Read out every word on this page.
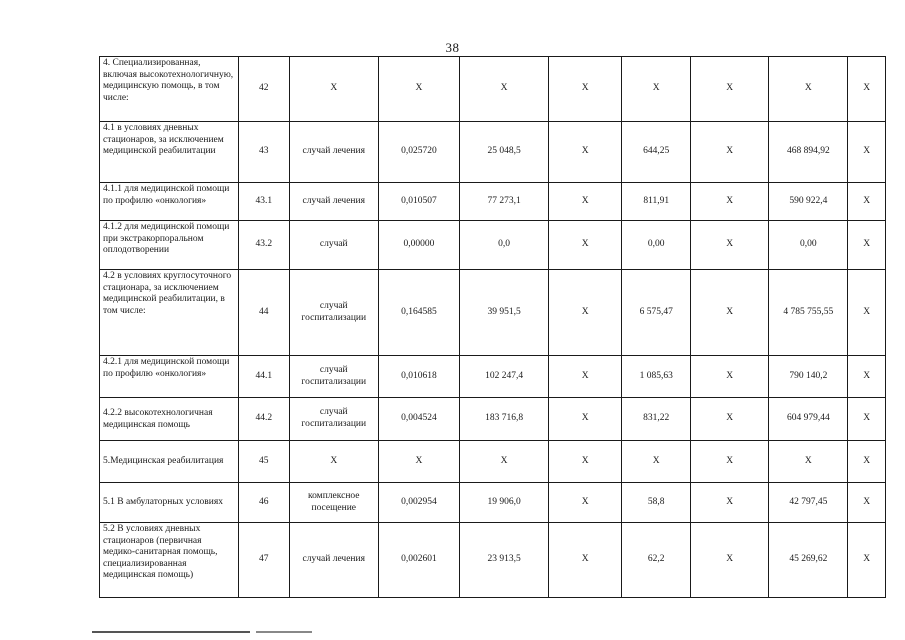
38
4. Специализированная, включая высокотехнологичную, медицинскую помощь, в том числе:	42	X	X	X	X	X	X	X	X
4.1 в условиях дневных стационаров, за исключением медицинской реабилитации	43	случай лечения	0,025720	25 048,5	X	644,25	X	468 894,92	X
4.1.1 для медицинской помощи по профилю «онкология»	43.1	случай лечения	0,010507	77 273,1	X	811,91	X	590 922,4	X
4.1.2 для медицинской помощи при экстракорпоральном оплодотворении	43.2	случай	0,00000	0,0	X	0,00	X	0,00	X
4.2 в условиях круглосуточного стационара, за исключением медицинской реабилитации, в том числе:	44	случай госпитализации	0,164585	39 951,5	X	6 575,47	X	4 785 755,55	X
4.2.1 для медицинской помощи по профилю «онкология»	44.1	случай госпитализации	0,010618	102 247,4	X	1 085,63	X	790 140,2	X
4.2.2 высокотехнологичная медицинская помощь	44.2	случай госпитализации	0,004524	183 716,8	X	831,22	X	604 979,44	X
5.Медицинская реабилитация	45	X	X	X	X	X	X	X	X
5.1 В амбулаторных условиях	46	комплексное посещение	0,002954	19 906,0	X	58,8	X	42 797,45	X
5.2 В условиях дневных стационаров (первичная медико-санитарная помощь, специализированная медицинская помощь)	47	случай лечения	0,002601	23 913,5	X	62,2	X	45 269,62	X
